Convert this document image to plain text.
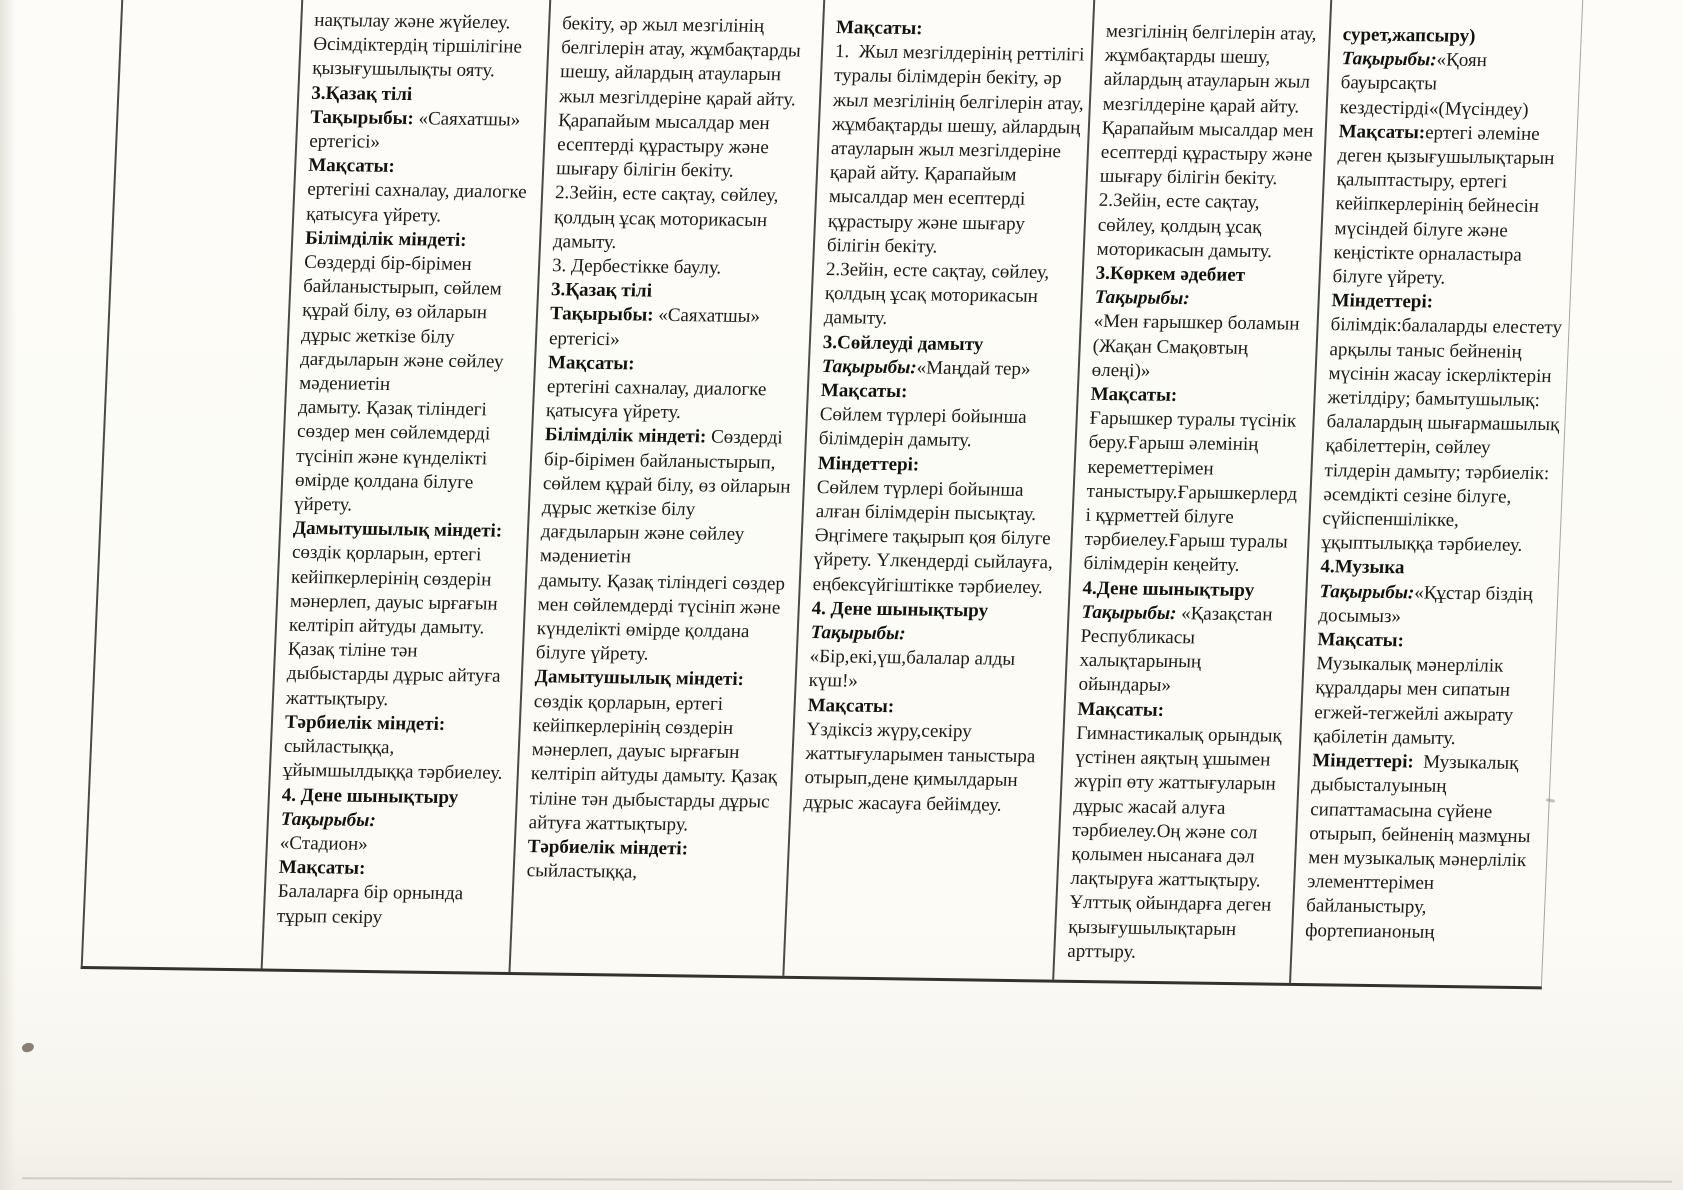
нақтылау және жүйелеу. Өсімдіктердің тіршілігіне қызығушылықты ояту.

3.Қазақ тілі

Тақырыбы: «Саяхатшы» ертегісі»

Мақсаты:

ертегіні сахналау, диалогке қатысуға үйрету.

Білімділік міндеті:

Сөздерді бір-бірімен байланыстырып, сөйлем құрай білу, өз ойларын дұрыс жеткізе білу дағдыларын және сөйлеу мәдениетін

дамыту. Қазақ тіліндегі сөздер мен сөйлемдерді түсініп және күнделікті өмірде қолдана білуге үйрету.

Дамытушылық міндеті:

сөздік қорларын, ертегі кейіпкерлерінің сөздерін мәнерлеп, дауыс ырғағын келтіріп айтуды дамыту. Қазақ тіліне тән дыбыстарды дұрыс айтуға жаттықтыру.

Тәрбиелік міндеті:

сыйластыққа, ұйымшылдыққа тәрбиелеу.

4. Дене шынықтыру

Тақырыбы:

«Стадион»

Мақсаты:

Балаларға бір орнында тұрып секіру

бекіту, әр жыл мезгілінің белгілерін атау, жұмбақтарды шешу, айлардың атауларын жыл мезгілдеріне қарай айту. Қарапайым мысалдар мен есептерді құрастыру және шығару білігін бекіту.

2.Зейін, есте сақтау, сөйлеу, қолдың ұсақ моторикасын дамыту.

3. Дербестікке баулу.

3.Қазақ тілі

Тақырыбы: «Саяхатшы» ертегісі»

Мақсаты:

ертегіні сахналау, диалогке қатысуға үйрету.

Білімділік міндеті: Сөздерді бір-бірімен байланыстырып, сөйлем құрай білу, өз ойларын дұрыс жеткізе білу дағдыларын және сөйлеу мәдениетін

дамыту. Қазақ тіліндегі сөздер мен сөйлемдерді түсініп және күнделікті өмірде қолдана білуге үйрету.

Дамытушылық міндеті:

сөздік қорларын, ертегі кейіпкерлерінің сөздерін мәнерлеп, дауыс ырғағын келтіріп айтуды дамыту. Қазақ тіліне тән дыбыстарды дұрыс айтуға жаттықтыру.

Тәрбиелік міндеті:

сыйластыққа,

Мақсаты:

1.  Жыл мезгілдерінің реттілігі туралы білімдерін бекіту, әр жыл мезгілінің белгілерін атау, жұмбақтарды шешу, айлардың атауларын жыл мезгілдеріне қарай айту. Қарапайым мысалдар мен есептерді құрастыру және шығару білігін бекіту.

2.Зейін, есте сақтау, сөйлеу, қолдың ұсақ моторикасын дамыту.

3.Сөйлеуді дамыту

Тақырыбы:«Маңдай тер»

Мақсаты:

Сөйлем түрлері бойынша білімдерін дамыту.

Міндеттері:

Сөйлем түрлері бойынша алған білімдерін пысықтау. Әңгімеге тақырып қоя білуге үйрету. Үлкендерді сыйлауға, еңбексүйгіштікке тәрбиелеу.

4. Дене шынықтыру

Тақырыбы:

«Бір,екі,үш,балалар алды күш!»

Мақсаты:

Үздіксіз жүру,секіру жаттығуларымен таныстыра отырып,дене қимылдарын дұрыс жасауға бейімдеу.

мезгілінің белгілерін атау, жұмбақтарды шешу, айлардың атауларын жыл мезгілдеріне қарай айту. Қарапайым мысалдар мен есептерді құрастыру және шығару білігін бекіту.

2.Зейін, есте сақтау, сөйлеу, қолдың ұсақ моторикасын дамыту.

3.Көркем әдебиет

Тақырыбы:

«Мен ғарышкер боламын (Жақан Смақовтың өлеңі)»

Мақсаты:

Ғарышкер туралы түсінік беру.Ғарыш әлемінің кереметтерімен таныстыру.Ғарышкерлерд і құрметтей білуге тәрбиелеу.Ғарыш туралы білімдерін кеңейту.

4.Дене шынықтыру

Тақырыбы: «Қазақстан Республикасы халықтарының ойындары»

Мақсаты:

Гимнастикалық орындық үстінен аяқтың ұшымен жүріп өту жаттығуларын дұрыс жасай алуға тәрбиелеу.Оң және сол қолымен нысанаға дәл лақтыруға жаттықтыру. Ұлттық ойындарға деген қызығушылықтарын арттыру.

сурет,жапсыру)

Тақырыбы:«Қоян бауырсақты кездестірді«(Мүсіндеу)

Мақсаты:ертегі әлеміне деген қызығушылықтарын қалыптастыру, ертегі кейіпкерлерінің бейнесін мүсіндей білуге және кеңістікте орналастыра білуге үйрету.

Міндеттері:

білімдік:балаларды елестету арқылы таныс бейненің мүсінін жасау іскерліктерін жетілдіру; бамытушылық: балалардың шығармашылық қабілеттерін, сөйлеу тілдерін дамыту; тәрбиелік: әсемдікті сезіне білуге, сүйіспеншілікке, ұқыптылыққа тәрбиелеу.

4.Музыка

Тақырыбы:«Құстар біздің досымыз»

Мақсаты:

Музыкалық мәнерлілік құралдары мен сипатын егжей-тегжейлі ажырату қабілетін дамыту.

Міндеттері:  Музыкалық дыбысталуының сипаттамасына сүйене отырып, бейненің мазмұны мен музыкалық мәнерлілік элементтерімен байланыстыру, фортепианоның
